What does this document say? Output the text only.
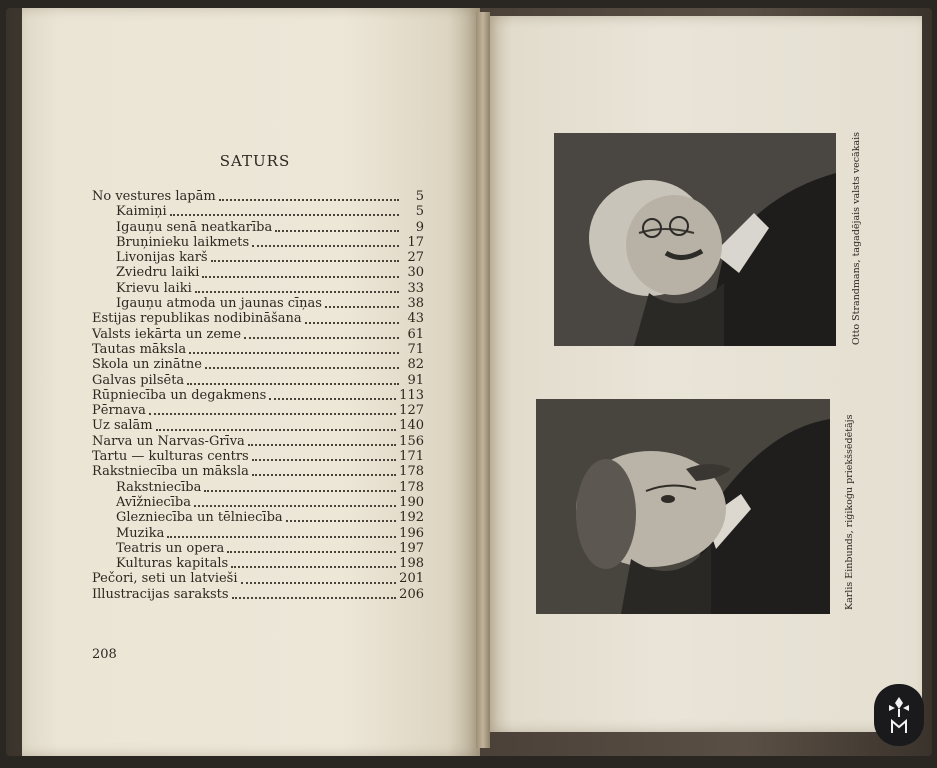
SATURS
No vestures lapām	5
Kaimiņi	5
Igauņu senā neatkarība	9
Bruņinieku laikmets	17
Livonijas karš	27
Zviedru laiki	30
Krievu laiki	33
Igauņu atmoda un jaunas cīņas	38
Estijas republikas nodibināšana	43
Valsts iekārta un zeme	61
Tautas māksla	71
Skola un zinātne	82
Galvas pilsēta	91
Rūpniecība un degakmens	113
Pērnava	127
Uz salām	140
Narva un Narvas-Grīva	156
Tartu — kulturas centrs	171
Rakstniecība un māksla	178
Rakstniecība	178
Avīžniecība	190
Glezniecība un tēlniecība	192
Muzika	196
Teatris un opera	197
Kulturas kapitals	198
Pečori, seti un latvieši	201
Illustracijas saraksts	206
208
Otto Strandmans, tagadējais valsts vecākais
Karlis Einbunds, riģikoģu priekšsēdētājs
